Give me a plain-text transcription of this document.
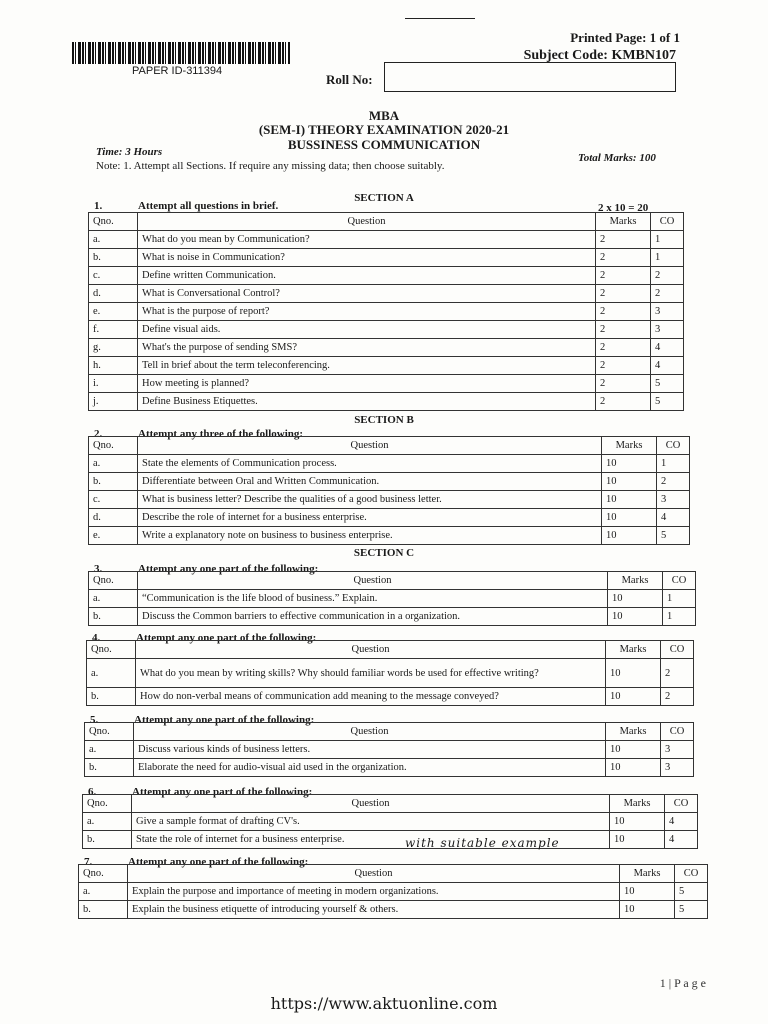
PAPER ID-311394
Printed Page: 1 of 1
Subject Code: KMBN107
Roll No:
MBA
(SEM-I) THEORY EXAMINATION 2020-21
BUSSINESS COMMUNICATION
Time: 3 Hours	Total Marks: 100
Note: 1. Attempt all Sections. If require any missing data; then choose suitably.
SECTION A
1.	Attempt all questions in brief.	2 x 10 = 20
Qno.	Question	Marks	CO
a.	What do you mean by Communication?	2	1
b.	What is noise in Communication?	2	1
c.	Define written Communication.	2	2
d.	What is Conversational Control?	2	2
e.	What is the purpose of report?	2	3
f.	Define visual aids.	2	3
g.	What's the purpose of sending SMS?	2	4
h.	Tell in brief about the term teleconferencing.	2	4
i.	How meeting is planned?	2	5
j.	Define Business Etiquettes.	2	5
SECTION B
2.	Attempt any three of the following:
Qno.	Question	Marks	CO
a.	State the elements of Communication process.	10	1
b.	Differentiate between Oral and Written Communication.	10	2
c.	What is business letter? Describe the qualities of a good business letter.	10	3
d.	Describe the role of internet for a business enterprise.	10	4
e.	Write a explanatory note on business to business enterprise.	10	5
SECTION C
3.	Attempt any one part of the following:
Qno.	Question	Marks	CO
a.	“Communication is the life blood of business.” Explain.	10	1
b.	Discuss the Common barriers to effective communication in a organization.	10	1
4.	Attempt any one part of the following:
Qno.	Question	Marks	CO
a.	What do you mean by writing skills? Why should familiar words be used for effective writing?	10	2
b.	How do non-verbal means of communication add meaning to the message conveyed?	10	2
5.	Attempt any one part of the following:
Qno.	Question	Marks	CO
a.	Discuss various kinds of business letters.	10	3
b.	Elaborate the need for audio-visual aid used in the organization.	10	3
6.	Attempt any one part of the following:
Qno.	Question	Marks	CO
a.	Give a sample format of drafting CV's.	10	4
b.	State the role of internet for a business enterprise.	10	4
7.	Attempt any one part of the following:
Qno.	Question	Marks	CO
a.	Explain the purpose and importance of meeting in modern organizations.	10	5
b.	Explain the business etiquette of introducing yourself & others.	10	5
with suitable example
1 | P a g e
https://www.aktuonline.com
